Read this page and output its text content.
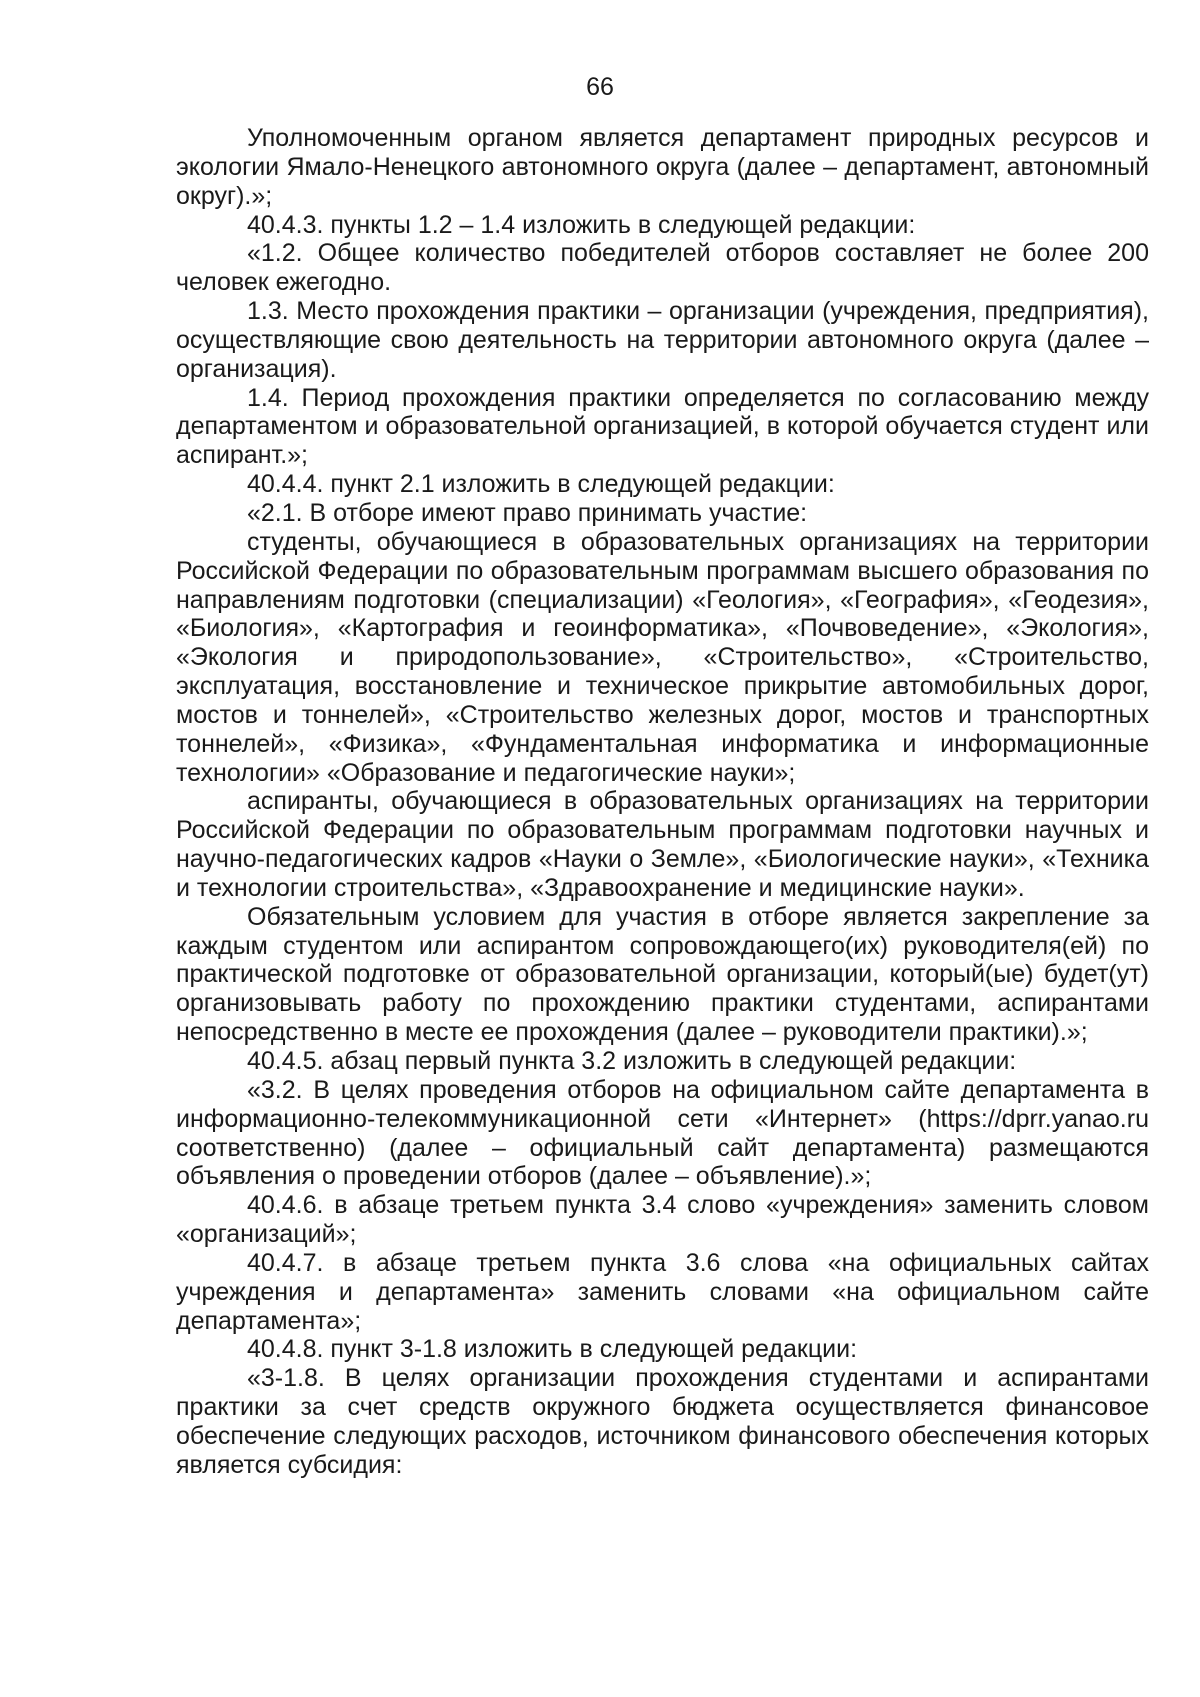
66

Уполномоченным органом является департамент природных ресурсов и экологии Ямало-Ненецкого автономного округа (далее – департамент, автономный округ).»;

40.4.3. пункты 1.2 – 1.4 изложить в следующей редакции:

«1.2. Общее количество победителей отборов составляет не более 200 человек ежегодно.

1.3. Место прохождения практики – организации (учреждения, предприятия), осуществляющие свою деятельность на территории автономного округа (далее – организация).

1.4. Период прохождения практики определяется по согласованию между департаментом и образовательной организацией, в которой обучается студент или аспирант.»;

40.4.4. пункт 2.1 изложить в следующей редакции:

«2.1. В отборе имеют право принимать участие:

студенты, обучающиеся в образовательных организациях на территории Российской Федерации по образовательным программам высшего образования по направлениям подготовки (специализации) «Геология», «География», «Геодезия», «Биология», «Картография и геоинформатика», «Почвоведение», «Экология», «Экология и природопользование», «Строительство», «Строительство, эксплуатация, восстановление и техническое прикрытие автомобильных дорог, мостов и тоннелей», «Строительство железных дорог, мостов и транспортных тоннелей», «Физика», «Фундаментальная информатика и информационные технологии» «Образование и педагогические науки»;

аспиранты, обучающиеся в образовательных организациях на территории Российской Федерации по образовательным программам подготовки научных и научно-педагогических кадров «Науки о Земле», «Биологические науки», «Техника и технологии строительства», «Здравоохранение и медицинские науки».

Обязательным условием для участия в отборе является закрепление за каждым студентом или аспирантом сопровождающего(их) руководителя(ей) по практической подготовке от образовательной организации, который(ые) будет(ут) организовывать работу по прохождению практики студентами, аспирантами непосредственно в месте ее прохождения (далее – руководители практики).»;

40.4.5. абзац первый пункта 3.2 изложить в следующей редакции:

«3.2. В целях проведения отборов на официальном сайте департамента в информационно-телекоммуникационной сети «Интернет» (https://dprr.yanao.ru соответственно) (далее – официальный сайт департамента) размещаются объявления о проведении отборов (далее – объявление).»;

40.4.6. в абзаце третьем пункта 3.4 слово «учреждения» заменить словом «организаций»;

40.4.7. в абзаце третьем пункта 3.6 слова «на официальных сайтах учреждения и департамента» заменить словами «на официальном сайте департамента»;

40.4.8. пункт 3-1.8 изложить в следующей редакции:

«3-1.8. В целях организации прохождения студентами и аспирантами практики за счет средств окружного бюджета осуществляется финансовое обеспечение следующих расходов, источником финансового обеспечения которых является субсидия:
